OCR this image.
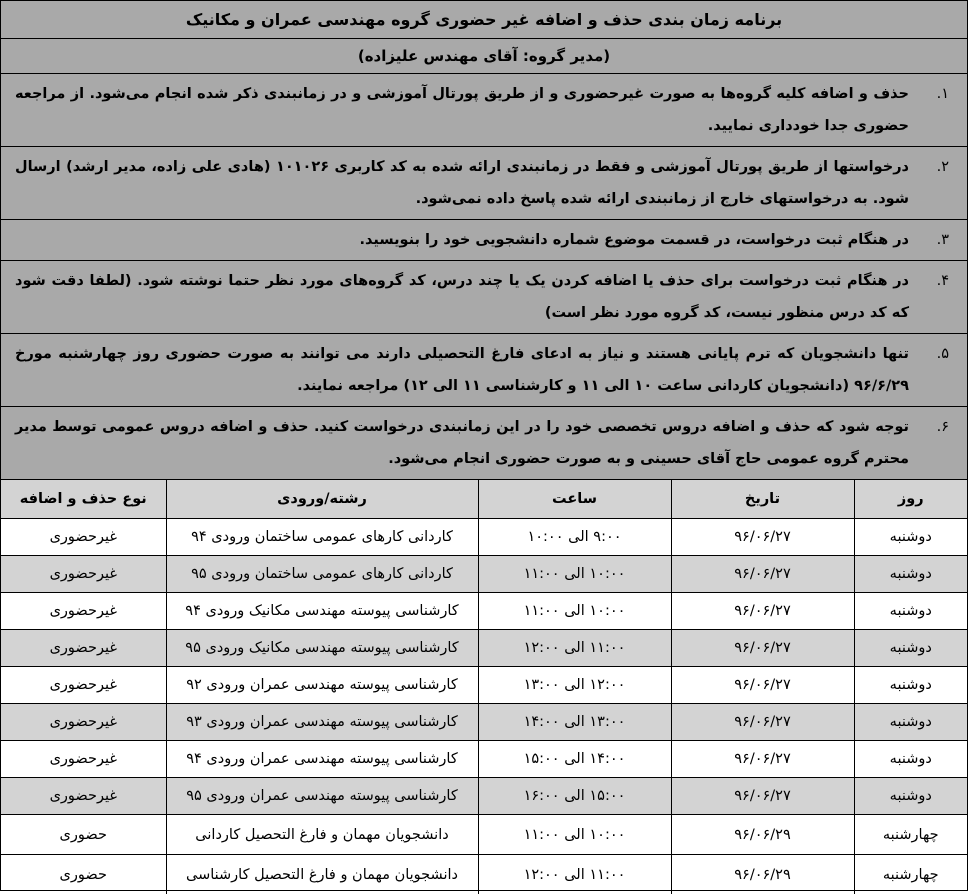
برنامه زمان بندی حذف و اضافه غیر حضوری گروه مهندسی عمران و مکانیک
(مدیر گروه: آقای مهندس علیزاده)
۱.
حذف و اضافه کلیه گروه‌ها به صورت غیرحضوری و از طریق پورتال آموزشی و در زمانبندی ذکر شده انجام می‌شود. از مراجعه حضوری جدا خودداری نمایید.
۲.
درخواستها از طریق پورتال آموزشی و فقط در زمانبندی ارائه شده به کد کاربری ۱۰۱۰۲۶ (هادی علی زاده، مدیر ارشد) ارسال شود. به درخواستهای خارج از زمانبندی ارائه شده پاسخ داده نمی‌شود.
۳.
در هنگام ثبت درخواست، در قسمت موضوع شماره دانشجویی خود را بنویسید.
۴.
در هنگام ثبت درخواست برای حذف یا اضافه کردن یک یا چند درس، کد گروه‌های مورد نظر حتما نوشته شود. (لطفا دقت شود که کد درس منظور نیست، کد گروه مورد نظر است)
۵.
تنها دانشجویان که ترم پایانی هستند و نیاز به ادعای فارغ التحصیلی دارند می توانند به صورت حضوری روز چهارشنبه مورخ ۹۶/۶/۲۹ (دانشجویان کاردانی ساعت ۱۰ الی ۱۱ و کارشناسی ۱۱ الی ۱۲) مراجعه نمایند.
۶.
توجه شود که حذف و اضافه دروس تخصصی خود را در این زمانبندی درخواست کنید. حذف و اضافه دروس عمومی توسط مدیر محترم گروه عمومی حاج آقای حسینی و به صورت حضوری انجام می‌شود.
روز	تاریخ	ساعت	رشته/ورودی	نوع حذف و اضافه
دوشنبه	۹۶/۰۶/۲۷	۹:۰۰ الی ۱۰:۰۰	کاردانی کارهای عمومی ساختمان ورودی ۹۴	غیرحضوری
دوشنبه	۹۶/۰۶/۲۷	۱۰:۰۰ الی ۱۱:۰۰	کاردانی کارهای عمومی ساختمان ورودی ۹۵	غیرحضوری
دوشنبه	۹۶/۰۶/۲۷	۱۰:۰۰ الی ۱۱:۰۰	کارشناسی پیوسته مهندسی مکانیک ورودی ۹۴	غیرحضوری
دوشنبه	۹۶/۰۶/۲۷	۱۱:۰۰ الی ۱۲:۰۰	کارشناسی پیوسته مهندسی مکانیک ورودی ۹۵	غیرحضوری
دوشنبه	۹۶/۰۶/۲۷	۱۲:۰۰ الی ۱۳:۰۰	کارشناسی پیوسته مهندسی عمران ورودی ۹۲	غیرحضوری
دوشنبه	۹۶/۰۶/۲۷	۱۳:۰۰ الی ۱۴:۰۰	کارشناسی پیوسته مهندسی عمران ورودی ۹۳	غیرحضوری
دوشنبه	۹۶/۰۶/۲۷	۱۴:۰۰ الی ۱۵:۰۰	کارشناسی پیوسته مهندسی عمران ورودی ۹۴	غیرحضوری
دوشنبه	۹۶/۰۶/۲۷	۱۵:۰۰ الی ۱۶:۰۰	کارشناسی پیوسته مهندسی عمران ورودی ۹۵	غیرحضوری
چهارشنبه	۹۶/۰۶/۲۹	۱۰:۰۰ الی ۱۱:۰۰	دانشجویان مهمان و فارغ التحصیل کاردانی	حضوری
چهارشنبه	۹۶/۰۶/۲۹	۱۱:۰۰ الی ۱۲:۰۰	دانشجویان مهمان و فارغ التحصیل کارشناسی	حضوری
